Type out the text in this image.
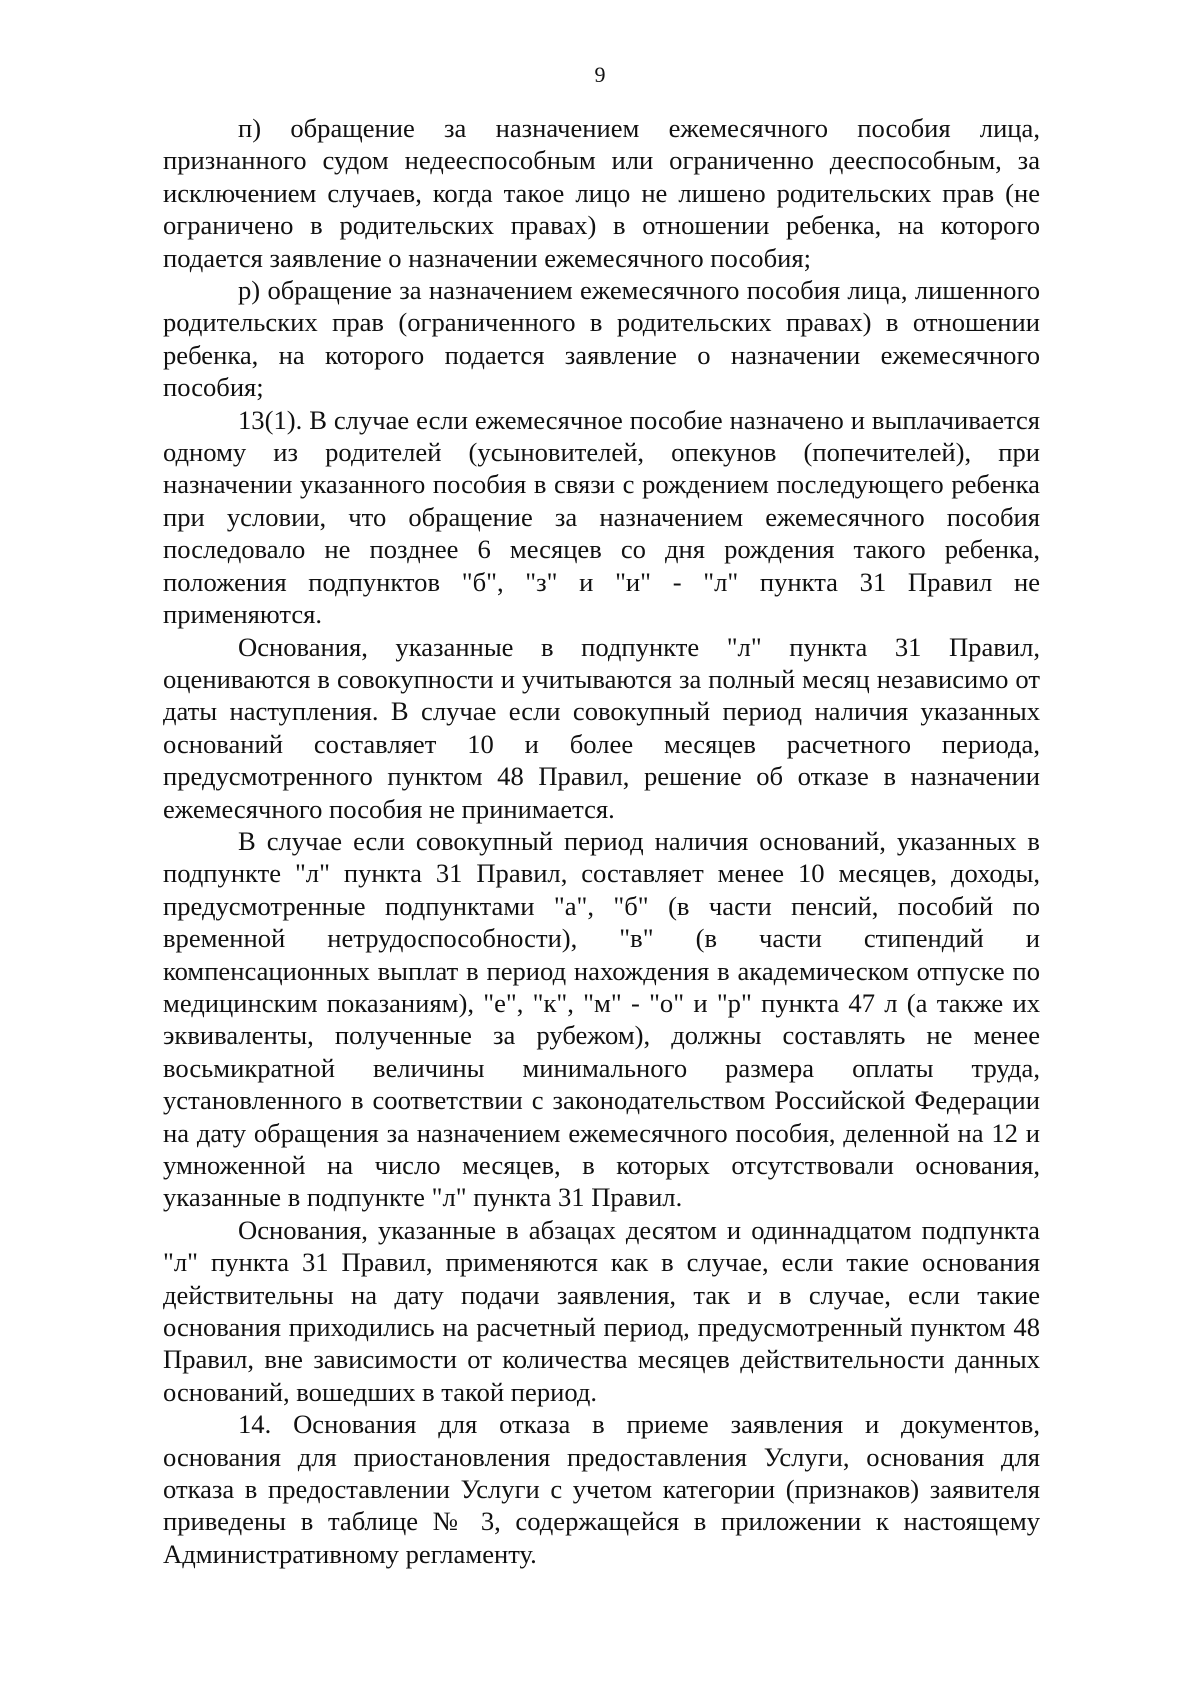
9

п) обращение за назначением ежемесячного пособия лица, признанного судом недееспособным или ограниченно дееспособным, за исключением случаев, когда такое лицо не лишено родительских прав (не ограничено в родительских правах) в отношении ребенка, на которого подается заявление о назначении ежемесячного пособия;

р) обращение за назначением ежемесячного пособия лица, лишенного родительских прав (ограниченного в родительских правах) в отношении ребенка, на которого подается заявление о назначении ежемесячного пособия;

13(1). В случае если ежемесячное пособие назначено и выплачивается одному из родителей (усыновителей, опекунов (попечителей), при назначении указанного пособия в связи с рождением последующего ребенка при условии, что обращение за назначением ежемесячного пособия последовало не позднее 6 месяцев со дня рождения такого ребенка, положения подпунктов "б", "з" и "и" - "л" пункта 31 Правил не применяются.

Основания, указанные в подпункте "л" пункта 31 Правил, оцениваются в совокупности и учитываются за полный месяц независимо от даты наступления. В случае если совокупный период наличия указанных оснований составляет 10 и более месяцев расчетного периода, предусмотренного пунктом 48 Правил, решение об отказе в назначении ежемесячного пособия не принимается.

В случае если совокупный период наличия оснований, указанных в подпункте "л" пункта 31 Правил, составляет менее 10 месяцев, доходы, предусмотренные подпунктами "а", "б" (в части пенсий, пособий по временной нетрудоспособности), "в" (в части стипендий и компенсационных выплат в период нахождения в академическом отпуске по медицинским показаниям), "е", "к", "м" - "о" и "р" пункта 47 л (а также их эквиваленты, полученные за рубежом), должны составлять не менее восьмикратной величины минимального размера оплаты труда, установленного в соответствии с законодательством Российской Федерации на дату обращения за назначением ежемесячного пособия, деленной на 12 и умноженной на число месяцев, в которых отсутствовали основания, указанные в подпункте "л" пункта 31 Правил.

Основания, указанные в абзацах десятом и одиннадцатом подпункта "л" пункта 31 Правил, применяются как в случае, если такие основания действительны на дату подачи заявления, так и в случае, если такие основания приходились на расчетный период, предусмотренный пунктом 48 Правил, вне зависимости от количества месяцев действительности данных оснований, вошедших в такой период.

14. Основания для отказа в приеме заявления и документов, основания для приостановления предоставления Услуги, основания для отказа в предоставлении Услуги с учетом категории (признаков) заявителя приведены в таблице № 3, содержащейся в приложении к настоящему Административному регламенту.
